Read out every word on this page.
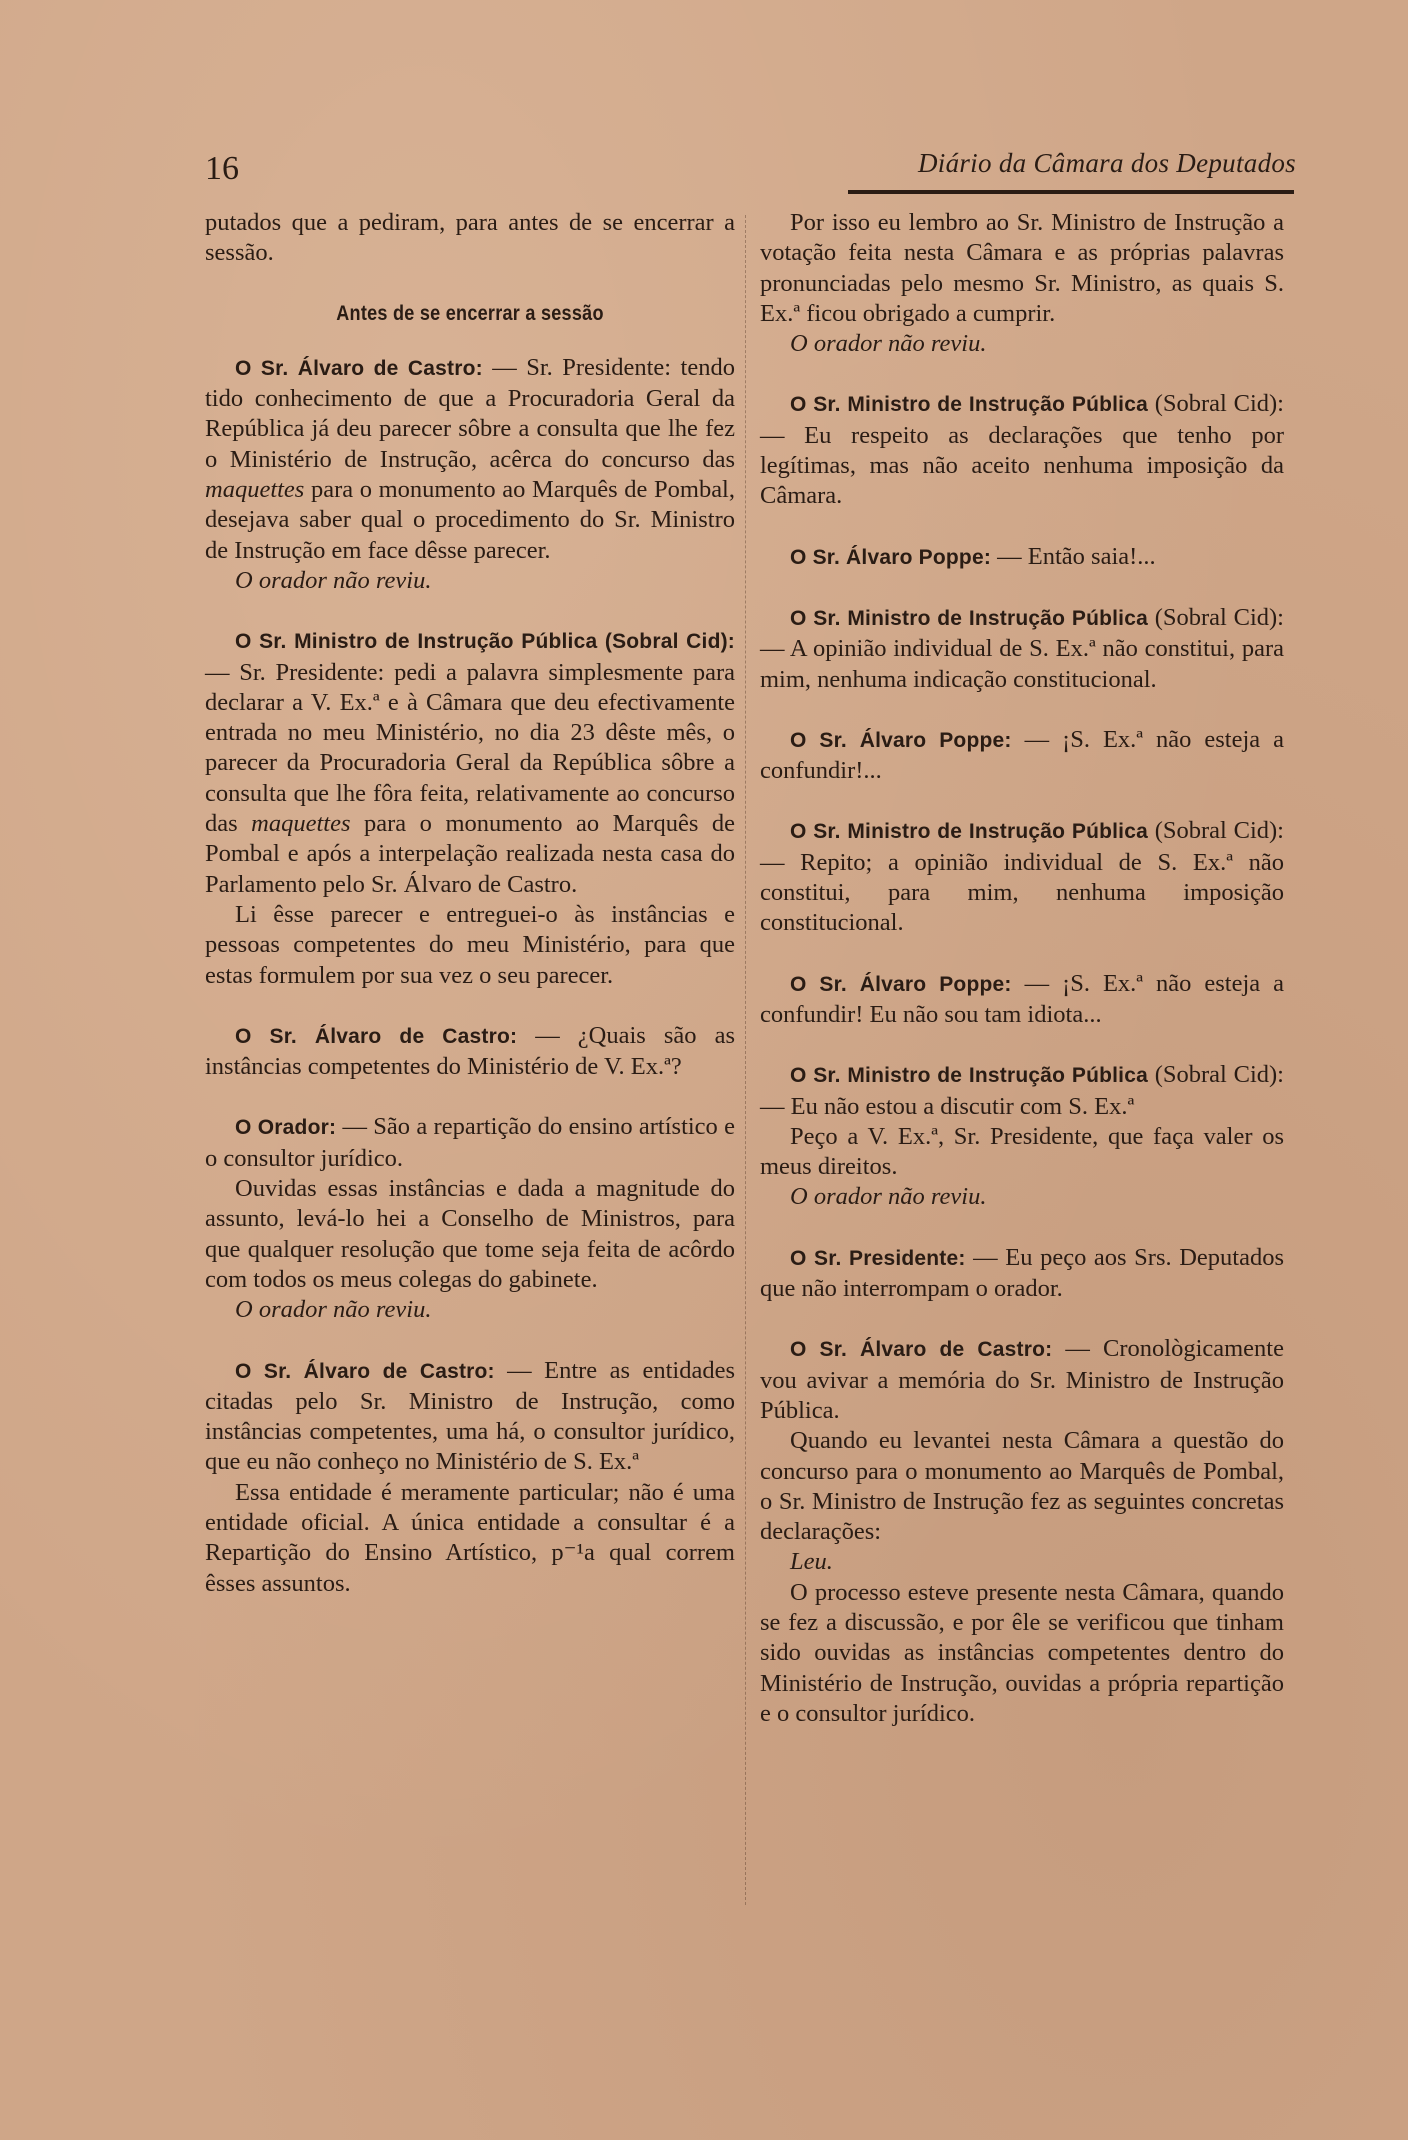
16	Diário da Câmara dos Deputados

putados que a pediram, para antes de se encerrar a sessão.

Antes de se encerrar a sessão

O Sr. Álvaro de Castro: — Sr. Presidente: tendo tido conhecimento de que a Procuradoria Geral da República já deu parecer sôbre a consulta que lhe fez o Ministério de Instrução, acêrca do concurso das maquettes para o monumento ao Marquês de Pombal, desejava saber qual o procedimento do Sr. Ministro de Instrução em face dêsse parecer.

O orador não reviu.

O Sr. Ministro de Instrução Pública (Sobral Cid): — Sr. Presidente: pedi a palavra simplesmente para declarar a V. Ex.ª e à Câmara que deu efectivamente entrada no meu Ministério, no dia 23 dêste mês, o parecer da Procuradoria Geral da República sôbre a consulta que lhe fôra feita, relativamente ao concurso das maquettes para o monumento ao Marquês de Pombal e após a interpelação realizada nesta casa do Parlamento pelo Sr. Álvaro de Castro.

Li êsse parecer e entreguei-o às instâncias e pessoas competentes do meu Ministério, para que estas formulem por sua vez o seu parecer.

O Sr. Álvaro de Castro: — ¿Quais são as instâncias competentes do Ministério de V. Ex.ª?

O Orador: — São a repartição do ensino artístico e o consultor jurídico.

Ouvidas essas instâncias e dada a magnitude do assunto, levá-lo hei a Conselho de Ministros, para que qualquer resolução que tome seja feita de acôrdo com todos os meus colegas do gabinete.

O orador não reviu.

O Sr. Álvaro de Castro: — Entre as entidades citadas pelo Sr. Ministro de Instrução, como instâncias competentes, uma há, o consultor jurídico, que eu não conheço no Ministério de S. Ex.ª

Essa entidade é meramente particular; não é uma entidade oficial. A única entidade a consultar é a Repartição do Ensino Artístico, p⁻¹a qual correm êsses assuntos.

Por isso eu lembro ao Sr. Ministro de Instrução a votação feita nesta Câmara e as próprias palavras pronunciadas pelo mesmo Sr. Ministro, as quais S. Ex.ª ficou obrigado a cumprir.

O orador não reviu.

O Sr. Ministro de Instrução Pública (Sobral Cid): — Eu respeito as declarações que tenho por legítimas, mas não aceito nenhuma imposição da Câmara.

O Sr. Álvaro Poppe: — Então saia!...

O Sr. Ministro de Instrução Pública (Sobral Cid): — A opinião individual de S. Ex.ª não constitui, para mim, nenhuma indicação constitucional.

O Sr. Álvaro Poppe: — ¡S. Ex.ª não esteja a confundir!...

O Sr. Ministro de Instrução Pública (Sobral Cid): — Repito; a opinião individual de S. Ex.ª não constitui, para mim, nenhuma imposição constitucional.

O Sr. Álvaro Poppe: — ¡S. Ex.ª não esteja a confundir! Eu não sou tam idiota...

O Sr. Ministro de Instrução Pública (Sobral Cid): — Eu não estou a discutir com S. Ex.ª

Peço a V. Ex.ª, Sr. Presidente, que faça valer os meus direitos.

O orador não reviu.

O Sr. Presidente: — Eu peço aos Srs. Deputados que não interrompam o orador.

O Sr. Álvaro de Castro: — Cronològicamente vou avivar a memória do Sr. Ministro de Instrução Pública.

Quando eu levantei nesta Câmara a questão do concurso para o monumento ao Marquês de Pombal, o Sr. Ministro de Instrução fez as seguintes concretas declarações:

Leu.

O processo esteve presente nesta Câmara, quando se fez a discussão, e por êle se verificou que tinham sido ouvidas as instâncias competentes dentro do Ministério de Instrução, ouvidas a própria repartição e o consultor jurídico.
